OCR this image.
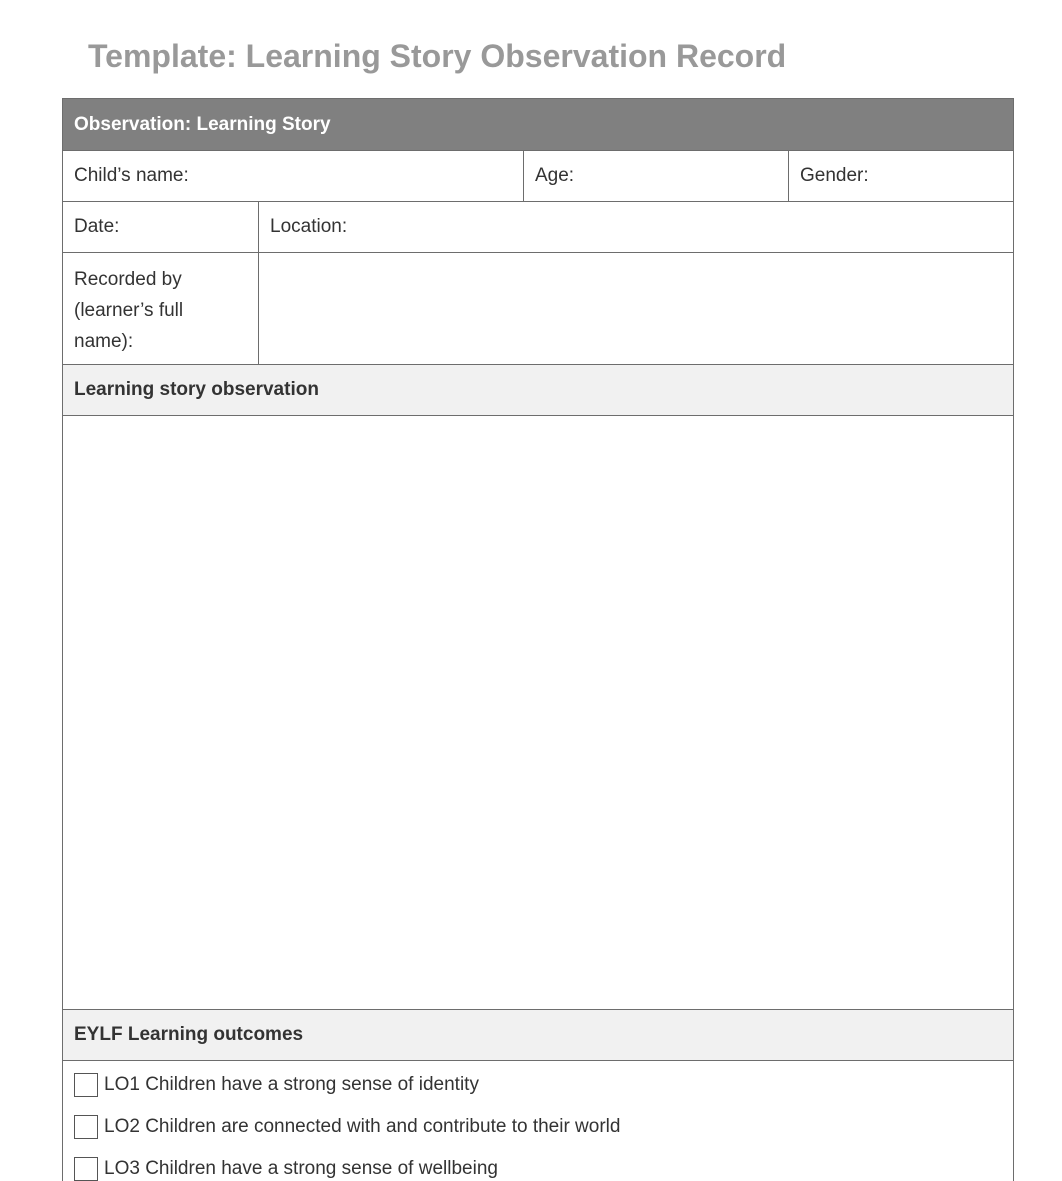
Template: Learning Story Observation Record
Observation: Learning Story
Child’s name:	Age:	Gender:
Date:	Location:
Recorded by (learner’s full name):
Learning story observation
EYLF Learning outcomes
LO1 Children have a strong sense of identity
LO2 Children are connected with and contribute to their world
LO3 Children have a strong sense of wellbeing
